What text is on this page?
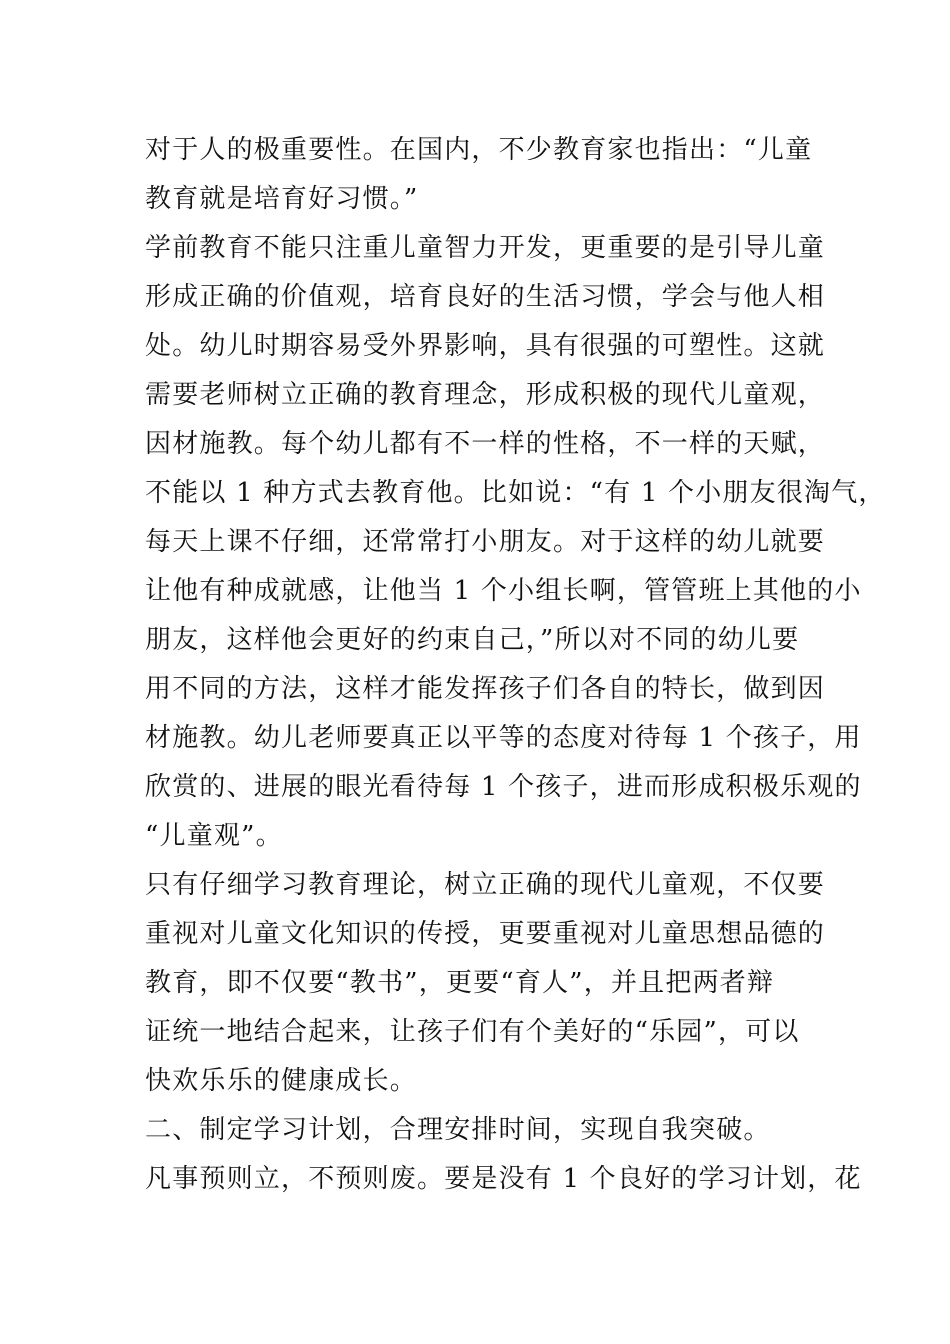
对于人的极重要性。在国内，不少教育家也指出：“儿童
教育就是培育好习惯。”
学前教育不能只注重儿童智力开发，更重要的是引导儿童
形成正确的价值观，培育良好的生活习惯，学会与他人相
处。幼儿时期容易受外界影响，具有很强的可塑性。这就
需要老师树立正确的教育理念，形成积极的现代儿童观，
因材施教。每个幼儿都有不一样的性格，不一样的天赋，
不能以 1 种方式去教育他。比如说：“有 1 个小朋友很淘气，
每天上课不仔细，还常常打小朋友。对于这样的幼儿就要
让他有种成就感，让他当 1 个小组长啊，管管班上其他的小
朋友，这样他会更好的约束自己，”所以对不同的幼儿要
用不同的方法，这样才能发挥孩子们各自的特长，做到因
材施教。幼儿老师要真正以平等的态度对待每 1 个孩子，用
欣赏的、进展的眼光看待每 1 个孩子，进而形成积极乐观的
“儿童观”。
只有仔细学习教育理论，树立正确的现代儿童观，不仅要
重视对儿童文化知识的传授，更要重视对儿童思想品德的
教育，即不仅要“教书”，更要“育人”，并且把两者辩
证统一地结合起来，让孩子们有个美好的“乐园”，可以
快欢乐乐的健康成长。
二、制定学习计划，合理安排时间，实现自我突破。
凡事预则立，不预则废。要是没有 1 个良好的学习计划，花
